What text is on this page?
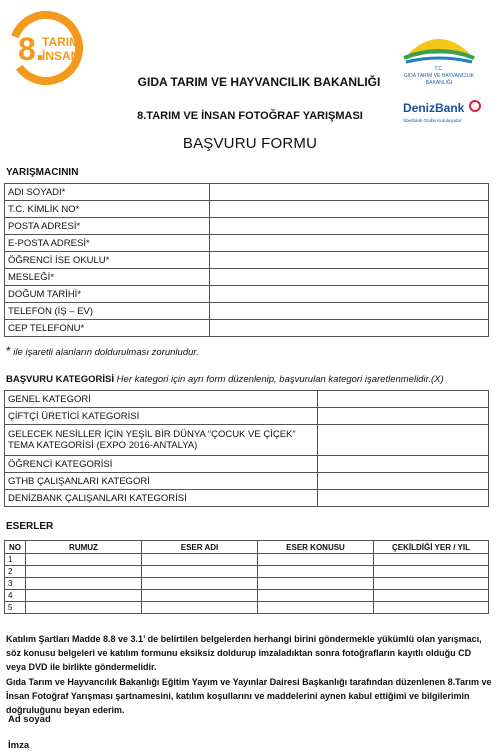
8.
TARIM
İNSAN
T.C.
GIDA TARIM VE HAYVANCILIK
BAKANLIĞI
DenizBank
Sberbank Grubu Kuruluşudur
GIDA TARIM VE HAYVANCILIK BAKANLIĞI
8.TARIM VE İNSAN FOTOĞRAF YARIŞMASI
BAŞVURU FORMU
YARIŞMACININ
ADI SOYADI*	
T.C. KİMLİK NO*	
POSTA ADRESİ*	
E-POSTA ADRESİ*	
ÖĞRENCİ İSE OKULU*	
MESLEĞİ*	
DOĞUM TARİHİ*	
TELEFON (İŞ – EV)	
CEP TELEFONU*	
* ile işaretli alanların doldurulması zorunludur.
BAŞVURU KATEGORİSİ Her kategori için ayrı form düzenlenip, başvurulan kategori işaretlenmelidir.(X)
GENEL KATEGORİ	
ÇİFTÇİ ÜRETİCİ KATEGORİSİ	
GELECEK NESİLLER İÇİN YEŞİL BİR DÜNYA “ÇOCUK VE ÇİÇEK” TEMA KATEGORİSİ (EXPO 2016-ANTALYA)	
ÖĞRENCİ KATEGORİSİ	
GTHB ÇALIŞANLARI KATEGORİ	
DENİZBANK ÇALIŞANLARI KATEGORİSİ	
ESERLER
NO	RUMUZ	ESER ADI	ESER KONUSU	ÇEKİLDİĞİ YER / YIL
1				
2				
3				
4				
5				
Katılım Şartları Madde 8.8 ve 3.1’ de belirtilen belgelerden herhangi birini göndermekle yükümlü olan yarışmacı, söz konusu belgeleri ve katılım formunu eksiksiz doldurup imzaladıktan sonra fotoğrafların kayıtlı olduğu CD veya DVD ile birlikte göndermelidir.
Gıda Tarım ve Hayvancılık Bakanlığı Eğitim Yayım ve Yayınlar Dairesi Başkanlığı tarafından düzenlenen 8.Tarım ve İnsan Fotoğraf Yarışması şartnamesini, katılım koşullarını ve maddelerini aynen kabul ettiğimi ve bilgilerimin doğruluğunu beyan ederim.
Ad soyad
İmza
